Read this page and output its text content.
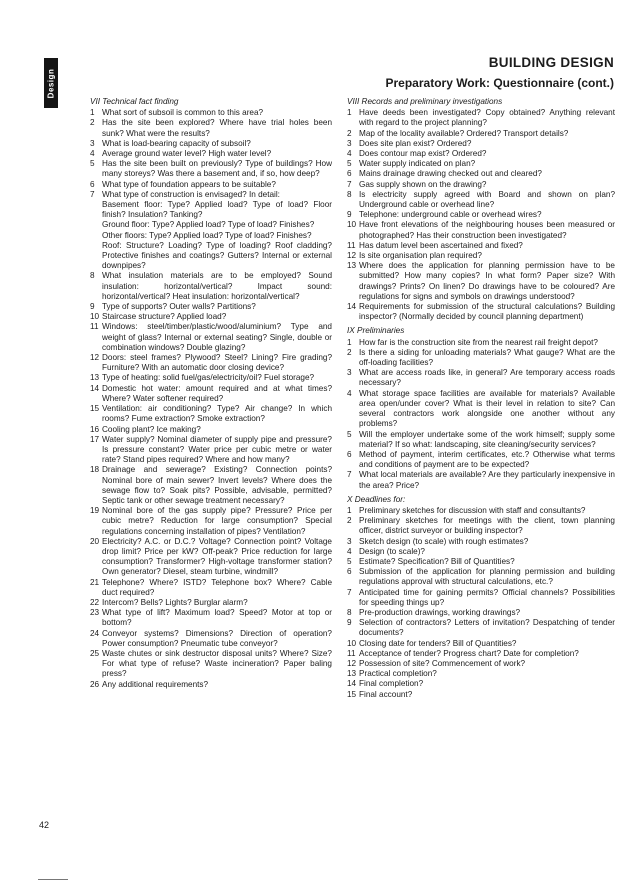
Design
BUILDING DESIGN
Preparatory Work: Questionnaire (cont.)
VII Technical fact finding
1 What sort of subsoil is common to this area?
2 Has the site been explored? Where have trial holes been sunk? What were the results?
3 What is load-bearing capacity of subsoil?
4 Average ground water level? High water level?
5 Has the site been built on previously? Type of buildings? How many storeys? Was there a basement and, if so, how deep?
6 What type of foundation appears to be suitable?
7 What type of construction is envisaged? In detail:
Basement floor: Type? Applied load? Type of load? Floor finish? Insulation? Tanking?
Ground floor: Type? Applied load? Type of load? Finishes?
Other floors: Type? Applied load? Type of load? Finishes?
Roof: Structure? Loading? Type of loading? Roof cladding? Protective finishes and coatings? Gutters? Internal or external downpipes?
8 What insulation materials are to be employed? Sound insulation: horizontal/vertical? Impact sound: horizontal/vertical? Heat insulation: horizontal/vertical?
9 Type of supports? Outer walls? Partitions?
10 Staircase structure? Applied load?
11 Windows: steel/timber/plastic/wood/aluminium? Type and weight of glass? Internal or external seating? Single, double or combination windows? Double glazing?
12 Doors: steel frames? Plywood? Steel? Lining? Fire grading? Furniture? With an automatic door closing device?
13 Type of heating: solid fuel/gas/electricity/oil? Fuel storage?
14 Domestic hot water: amount required and at what times? Where? Water softener required?
15 Ventilation: air conditioning? Type? Air change? In which rooms? Fume extraction? Smoke extraction?
16 Cooling plant? Ice making?
17 Water supply? Nominal diameter of supply pipe and pressure? Is pressure constant? Water price per cubic metre or water rate? Stand pipes required? Where and how many?
18 Drainage and sewerage? Existing? Connection points? Nominal bore of main sewer? Invert levels? Where does the sewage flow to? Soak pits? Possible, advisable, permitted? Septic tank or other sewage treatment necessary?
19 Nominal bore of the gas supply pipe? Pressure? Price per cubic metre? Reduction for large consumption? Special regulations concerning installation of pipes? Ventilation?
20 Electricity? A.C. or D.C.? Voltage? Connection point? Voltage drop limit? Price per kW? Off-peak? Price reduction for large consumption? Transformer? High-voltage transformer station? Own generator? Diesel, steam turbine, windmill?
21 Telephone? Where? ISTD? Telephone box? Where? Cable duct required?
22 Intercom? Bells? Lights? Burglar alarm?
23 What type of lift? Maximum load? Speed? Motor at top or bottom?
24 Conveyor systems? Dimensions? Direction of operation? Power consumption? Pneumatic tube conveyor?
25 Waste chutes or sink destructor disposal units? Where? Size? For what type of refuse? Waste incineration? Paper baling press?
26 Any additional requirements?
VIII Records and preliminary investigations
1 Have deeds been investigated? Copy obtained? Anything relevant with regard to the project planning?
2 Map of the locality available? Ordered? Transport details?
3 Does site plan exist? Ordered?
4 Does contour map exist? Ordered?
5 Water supply indicated on plan?
6 Mains drainage drawing checked out and cleared?
7 Gas supply shown on the drawing?
8 Is electricity supply agreed with Board and shown on plan? Underground cable or overhead line?
9 Telephone: underground cable or overhead wires?
10 Have front elevations of the neighbouring houses been measured or photographed? Has their construction been investigated?
11 Has datum level been ascertained and fixed?
12 Is site organisation plan required?
13 Where does the application for planning permission have to be submitted? How many copies? In what form? Paper size? With drawings? Prints? On linen? Do drawings have to be coloured? Are regulations for signs and symbols on drawings understood?
14 Requirements for submission of the structural calculations? Building inspector? (Normally decided by council planning department)
IX Preliminaries
1 How far is the construction site from the nearest rail freight depot?
2 Is there a siding for unloading materials? What gauge? What are the off-loading facilities?
3 What are access roads like, in general? Are temporary access roads necessary?
4 What storage space facilities are available for materials? Available area open/under cover? What is their level in relation to site? Can several contractors work alongside one another without any problems?
5 Will the employer undertake some of the work himself; supply some material? If so what: landscaping, site cleaning/security services?
6 Method of payment, interim certificates, etc.? Otherwise what terms and conditions of payment are to be expected?
7 What local materials are available? Are they particularly inexpensive in the area? Price?
X Deadlines for:
1 Preliminary sketches for discussion with staff and consultants?
2 Preliminary sketches for meetings with the client, town planning officer, district surveyor or building inspector?
3 Sketch design (to scale) with rough estimates?
4 Design (to scale)?
5 Estimate? Specification? Bill of Quantities?
6 Submission of the application for planning permission and building regulations approval with structural calculations, etc.?
7 Anticipated time for gaining permits? Official channels? Possibilities for speeding things up?
8 Pre-production drawings, working drawings?
9 Selection of contractors? Letters of invitation? Despatching of tender documents?
10 Closing date for tenders? Bill of Quantities?
11 Acceptance of tender? Progress chart? Date for completion?
12 Possession of site? Commencement of work?
13 Practical completion?
14 Final completion?
15 Final account?
42
